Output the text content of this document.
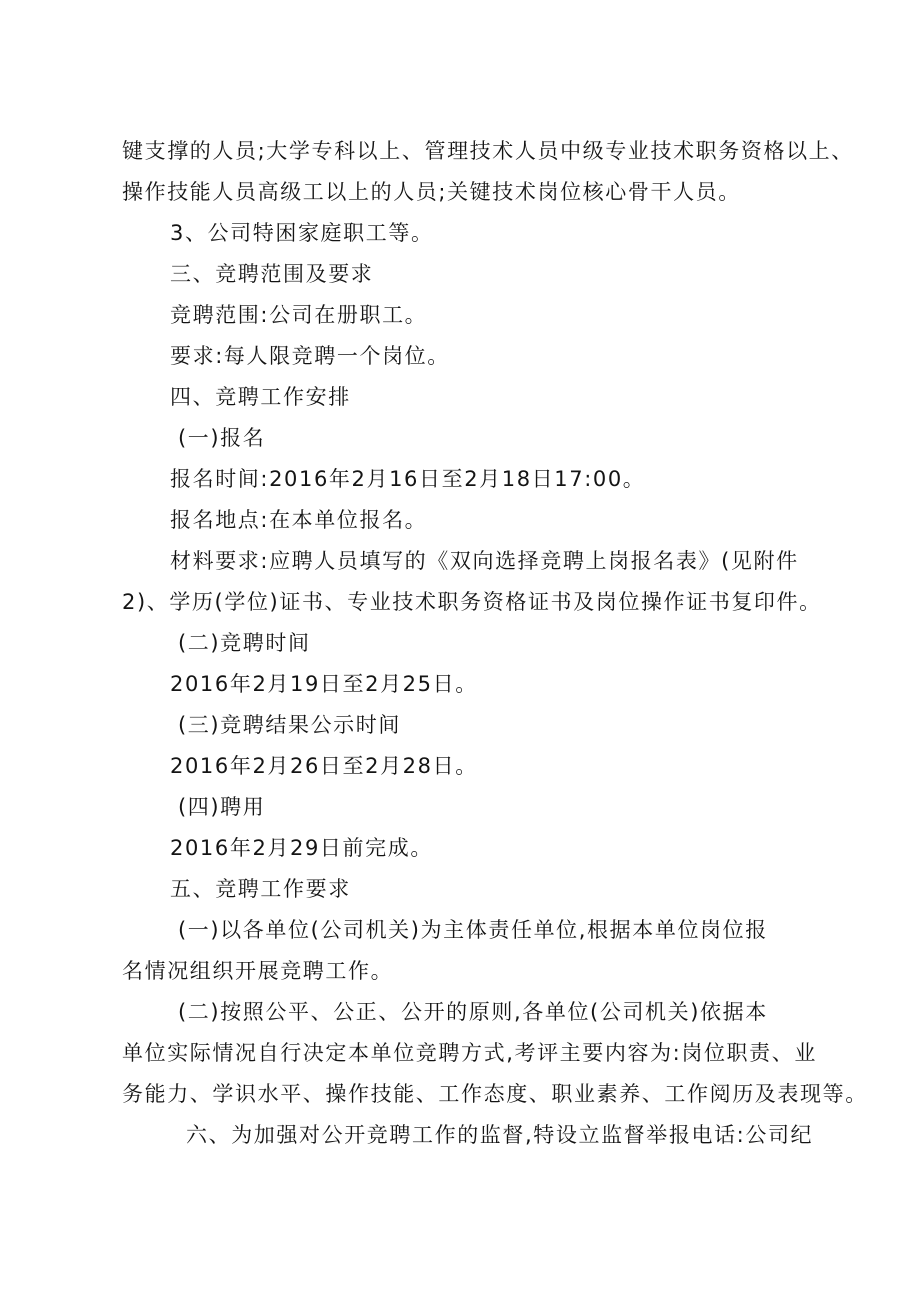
键支撑的人员;大学专科以上、管理技术人员中级专业技术职务资格以上、
操作技能人员高级工以上的人员;关键技术岗位核心骨干人员。
3、公司特困家庭职工等。
三、竞聘范围及要求
竞聘范围:公司在册职工。
要求:每人限竞聘一个岗位。
四、竞聘工作安排
(一)报名
报名时间:2016年2月16日至2月18日17:00。
报名地点:在本单位报名。
材料要求:应聘人员填写的《双向选择竞聘上岗报名表》(见附件
2)、学历(学位)证书、专业技术职务资格证书及岗位操作证书复印件。
(二)竞聘时间
2016年2月19日至2月25日。
(三)竞聘结果公示时间
2016年2月26日至2月28日。
(四)聘用
2016年2月29日前完成。
五、竞聘工作要求
(一)以各单位(公司机关)为主体责任单位,根据本单位岗位报
名情况组织开展竞聘工作。
(二)按照公平、公正、公开的原则,各单位(公司机关)依据本
单位实际情况自行决定本单位竞聘方式,考评主要内容为:岗位职责、业
务能力、学识水平、操作技能、工作态度、职业素养、工作阅历及表现等。
六、为加强对公开竞聘工作的监督,特设立监督举报电话:公司纪
